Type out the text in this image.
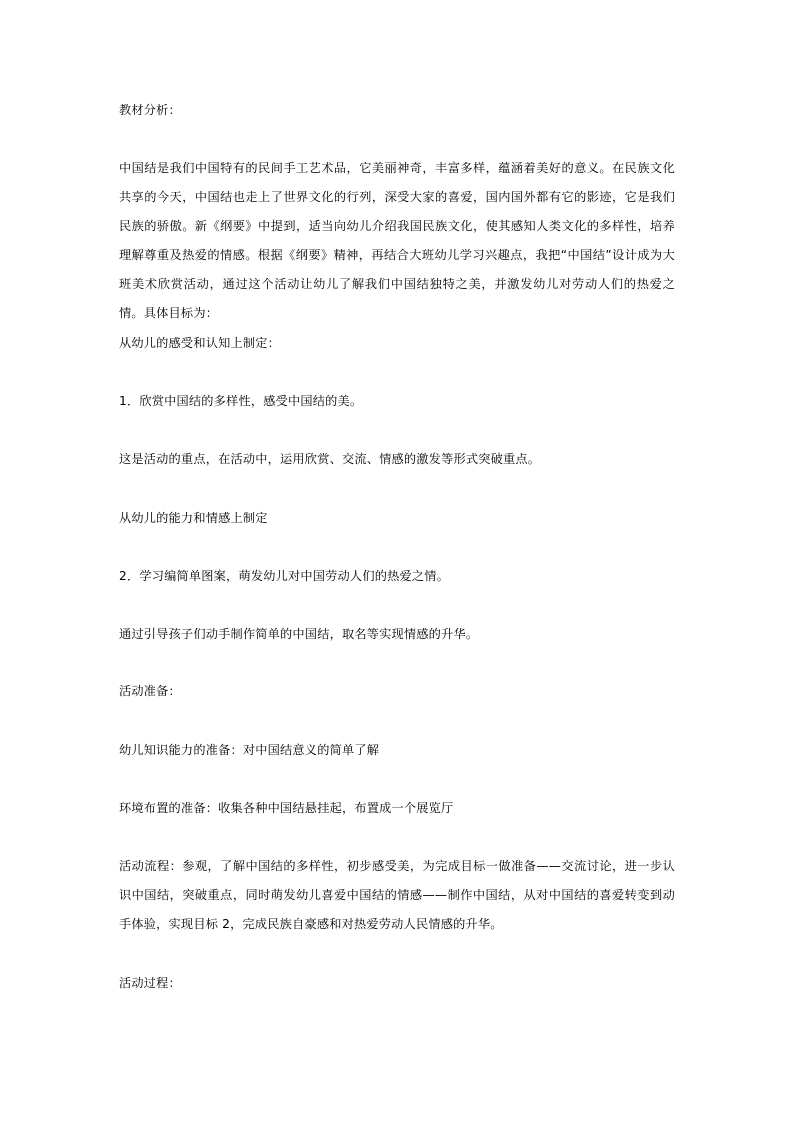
教材分析：

中国结是我们中国特有的民间手工艺术品，它美丽神奇，丰富多样，蕴涵着美好的意义。在民族文化共享的今天，中国结也走上了世界文化的行列，深受大家的喜爱，国内国外都有它的影迹，它是我们民族的骄傲。新《纲要》中提到，适当向幼儿介绍我国民族文化，使其感知人类文化的多样性，培养理解尊重及热爱的情感。根据《纲要》精神，再结合大班幼儿学习兴趣点，我把“中国结”设计成为大班美术欣赏活动，通过这个活动让幼儿了解我们中国结独特之美，并激发幼儿对劳动人们的热爱之情。具体目标为：

从幼儿的感受和认知上制定：

1．欣赏中国结的多样性，感受中国结的美。

这是活动的重点，在活动中，运用欣赏、交流、情感的激发等形式突破重点。

从幼儿的能力和情感上制定

2．学习编简单图案，萌发幼儿对中国劳动人们的热爱之情。

通过引导孩子们动手制作简单的中国结，取名等实现情感的升华。

活动准备：

幼儿知识能力的准备：对中国结意义的简单了解

环境布置的准备：收集各种中国结悬挂起，布置成一个展览厅

活动流程：参观，了解中国结的多样性，初步感受美，为完成目标一做准备——交流讨论，进一步认识中国结，突破重点，同时萌发幼儿喜爱中国结的情感——制作中国结，从对中国结的喜爱转变到动手体验，实现目标 2，完成民族自豪感和对热爱劳动人民情感的升华。

活动过程：
